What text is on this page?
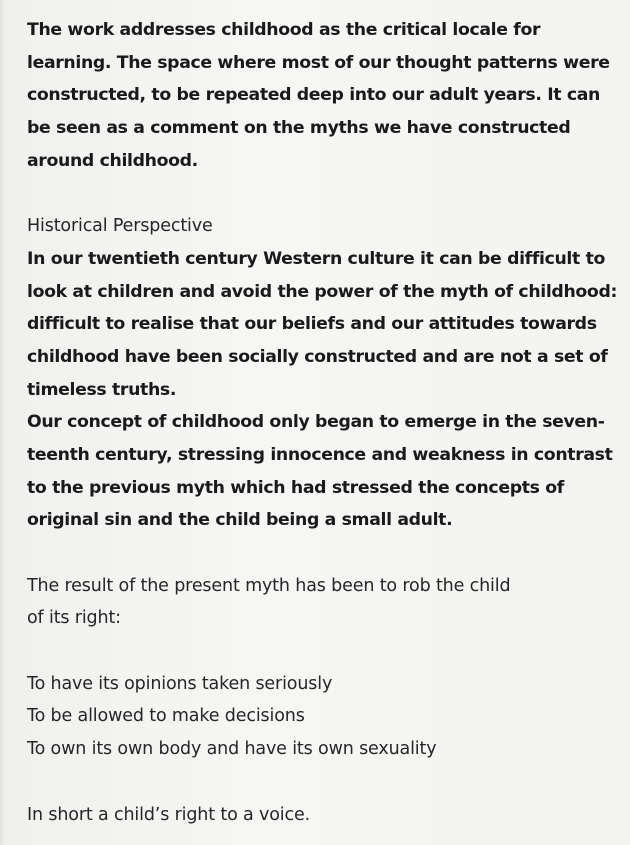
The work addresses childhood as the critical locale for
learning. The space where most of our thought patterns were
constructed, to be repeated deep into our adult years. It can
be seen as a comment on the myths we have constructed
around childhood.
Historical Perspective
In our twentieth century Western culture it can be difficult to
look at children and avoid the power of the myth of childhood:
difficult to realise that our beliefs and our attitudes towards
childhood have been socially constructed and are not a set of
timeless truths.
Our concept of childhood only began to emerge in the seven-
teenth century, stressing innocence and weakness in contrast
to the previous myth which had stressed the concepts of
original sin and the child being a small adult.
The result of the present myth has been to rob the child
of its right:
To have its opinions taken seriously
To be allowed to make decisions
To own its own body and have its own sexuality
In short a child’s right to a voice.
